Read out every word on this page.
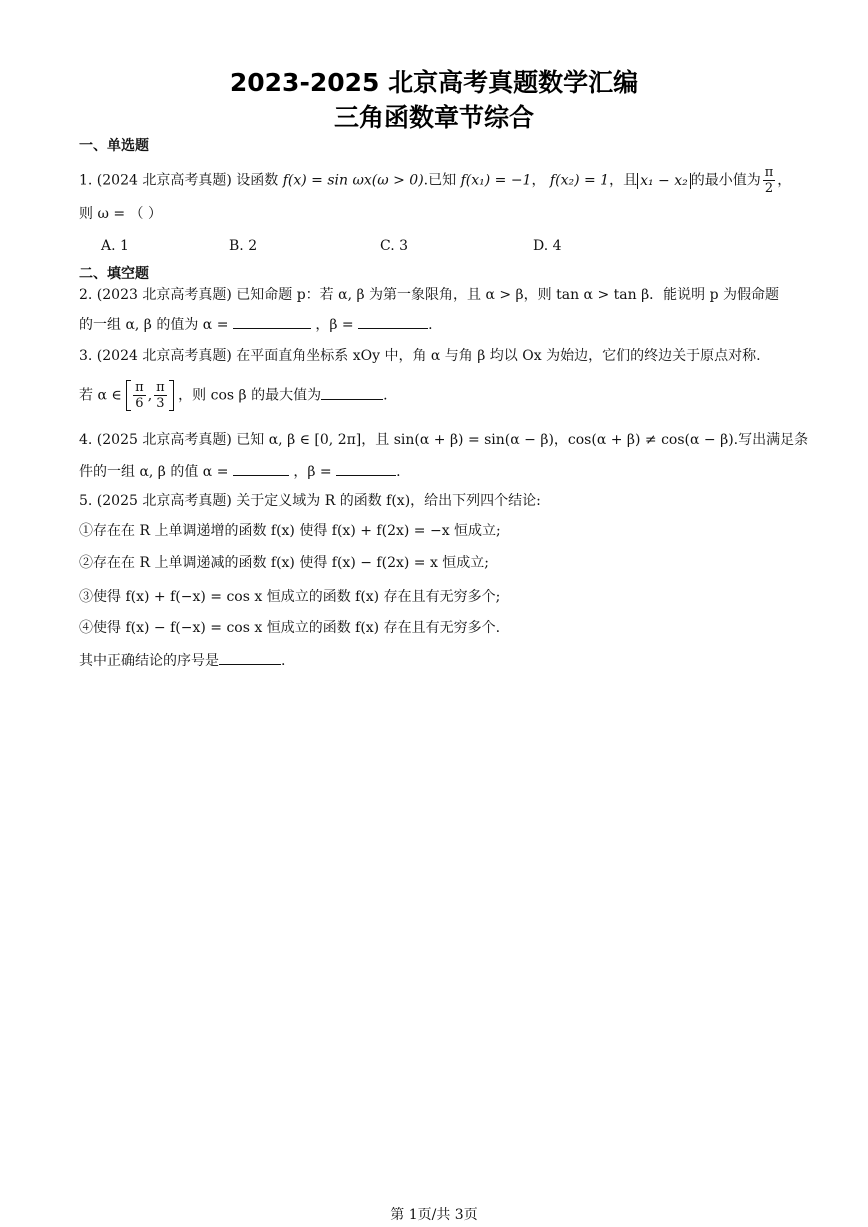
2023-2025 北京高考真题数学汇编
三角函数章节综合
一、单选题
1. (2024 北京高考真题) 设函数 f(x) = sin ωx(ω > 0).已知 f(x₁) = −1， f(x₂) = 1，且 x₁ − x₂ 的最小值为 $\frac{\pi}{2}$ ，
则 ω = （ ）
A. 1	B. 2	C. 3	D. 4
二、填空题
2. (2023 北京高考真题) 已知命题 p：若 α, β 为第一象限角，且 α > β，则 tan α > tan β．能说明 p 为假命题
的一组 α, β 的值为 α =	，β =	.
3. (2024 北京高考真题) 在平面直角坐标系 xOy 中，角 α 与角 β 均以 Ox 为始边，它们的终边关于原点对称.
若 α ∈ $\frac{\pi}{6}$ , $\frac{\pi}{3}$ ，则 cos β 的最大值为	.
4. (2025 北京高考真题) 已知 α, β ∈ [0, 2π]，且 sin(α + β) = sin(α − β)，cos(α + β) ≠ cos(α − β).写出满足条
件的一组 α, β 的值 α =	，β =	.
5. (2025 北京高考真题) 关于定义域为 R 的函数 f(x)，给出下列四个结论:
①存在在 R 上单调递增的函数 f(x) 使得 f(x) + f(2x) = −x 恒成立;
②存在在 R 上单调递减的函数 f(x) 使得 f(x) − f(2x) = x 恒成立;
③使得 f(x) + f(−x) = cos x 恒成立的函数 f(x) 存在且有无穷多个;
④使得 f(x) − f(−x) = cos x 恒成立的函数 f(x) 存在且有无穷多个.
其中正确结论的序号是	.
第 1页/共 3页
